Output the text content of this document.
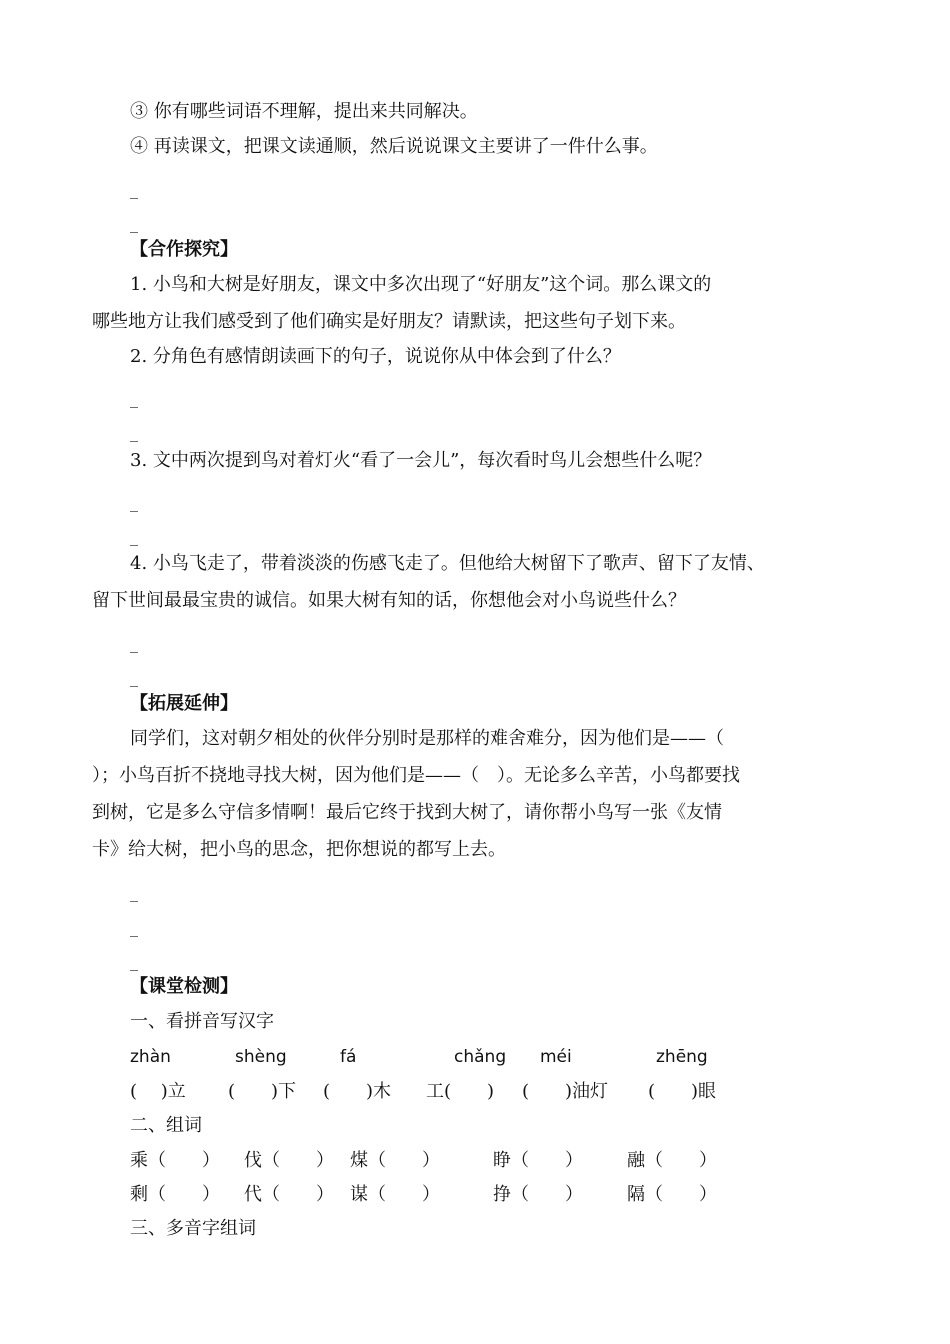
③ 你有哪些词语不理解，提出来共同解决。
④ 再读课文，把课文读通顺，然后说说课文主要讲了一件什么事。
_
_
【合作探究】
1. 小鸟和大树是好朋友，课文中多次出现了“好朋友”这个词。那么课文的
哪些地方让我们感受到了他们确实是好朋友？请默读，把这些句子划下来。
2. 分角色有感情朗读画下的句子，说说你从中体会到了什么？
_
_
3. 文中两次提到鸟对着灯火“看了一会儿”，每次看时鸟儿会想些什么呢？
_
_
4. 小鸟飞走了，带着淡淡的伤感飞走了。但他给大树留下了歌声、留下了友情、
留下世间最最宝贵的诚信。如果大树有知的话，你想他会对小鸟说些什么？
_
_
【拓展延伸】
同学们，这对朝夕相处的伙伴分别时是那样的难舍难分，因为他们是——（
）；小鸟百折不挠地寻找大树，因为他们是——（　）。无论多么辛苦，小鸟都要找
到树，它是多么守信多情啊！最后它终于找到大树了，请你帮小鸟写一张《友情
卡》给大树，把小鸟的思念，把你想说的都写上去。
_
_
_
【课堂检测】
一、看拼音写汉字
zhàn	shèng	fá	chǎng méi	zhēng
(　 )立 (　　)下 (　　)木 工(　　) (　　)油灯 (　　)眼
二、组词
乘（　　） 伐（　　） 煤（　　）	睁（　　） 融（　　）
剩（　　） 代（　　） 谋（　　）	挣（　　） 隔（　　）
三、多音字组词
